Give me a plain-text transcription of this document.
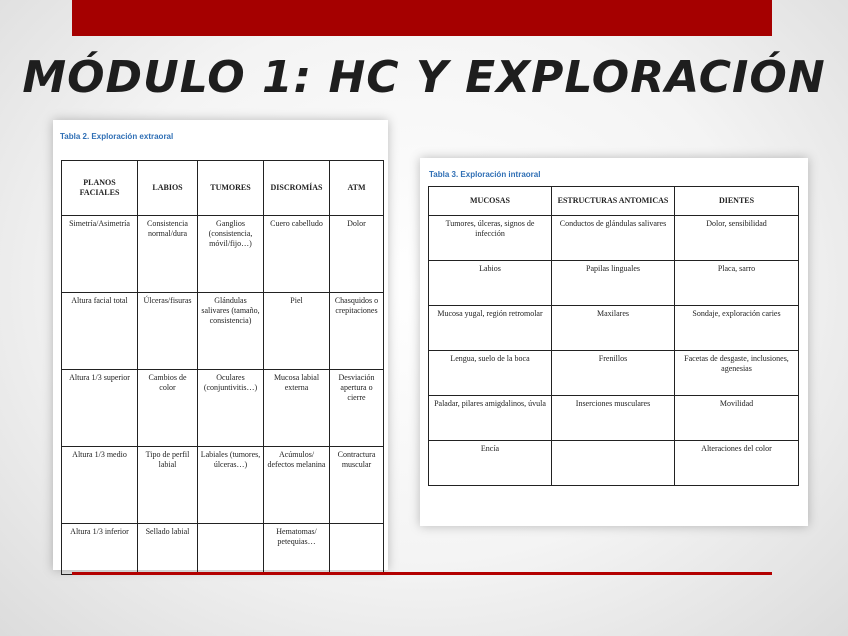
MÓDULO 1: HC Y EXPLORACIÓN
Tabla 2. Exploración extraoral
PLANOS FACIALES	LABIOS	TUMORES	DISCROMÍAS	ATM
Simetría/Asimetría	Consistencia normal/dura	Ganglios (consistencia, móvil/fijo…)	Cuero cabelludo	Dolor
Altura facial total	Úlceras/fisuras	Glándulas salivares (tamaño, consistencia)	Piel	Chasquidos o crepitaciones
Altura 1/3 superior	Cambios de color	Oculares (conjuntivitis…)	Mucosa labial externa	Desviación apertura o cierre
Altura 1/3 medio	Tipo de perfil labial	Labiales (tumores, úlceras…)	Acúmulos/ defectos melanina	Contractura muscular
Altura 1/3 inferior	Sellado labial		Hematomas/ petequias…	
Tabla 3. Exploración intraoral
MUCOSAS	ESTRUCTURAS ANTOMICAS	DIENTES
Tumores, úlceras, signos de infección	Conductos de glándulas salivares	Dolor, sensibilidad
Labios	Papilas linguales	Placa, sarro
Mucosa yugal, región retromolar	Maxilares	Sondaje, exploración caries
Lengua, suelo de la boca	Frenillos	Facetas de desgaste, inclusiones, agenesias
Paladar, pilares amigdalinos, úvula	Inserciones musculares	Movilidad
Encía		Alteraciones del color
